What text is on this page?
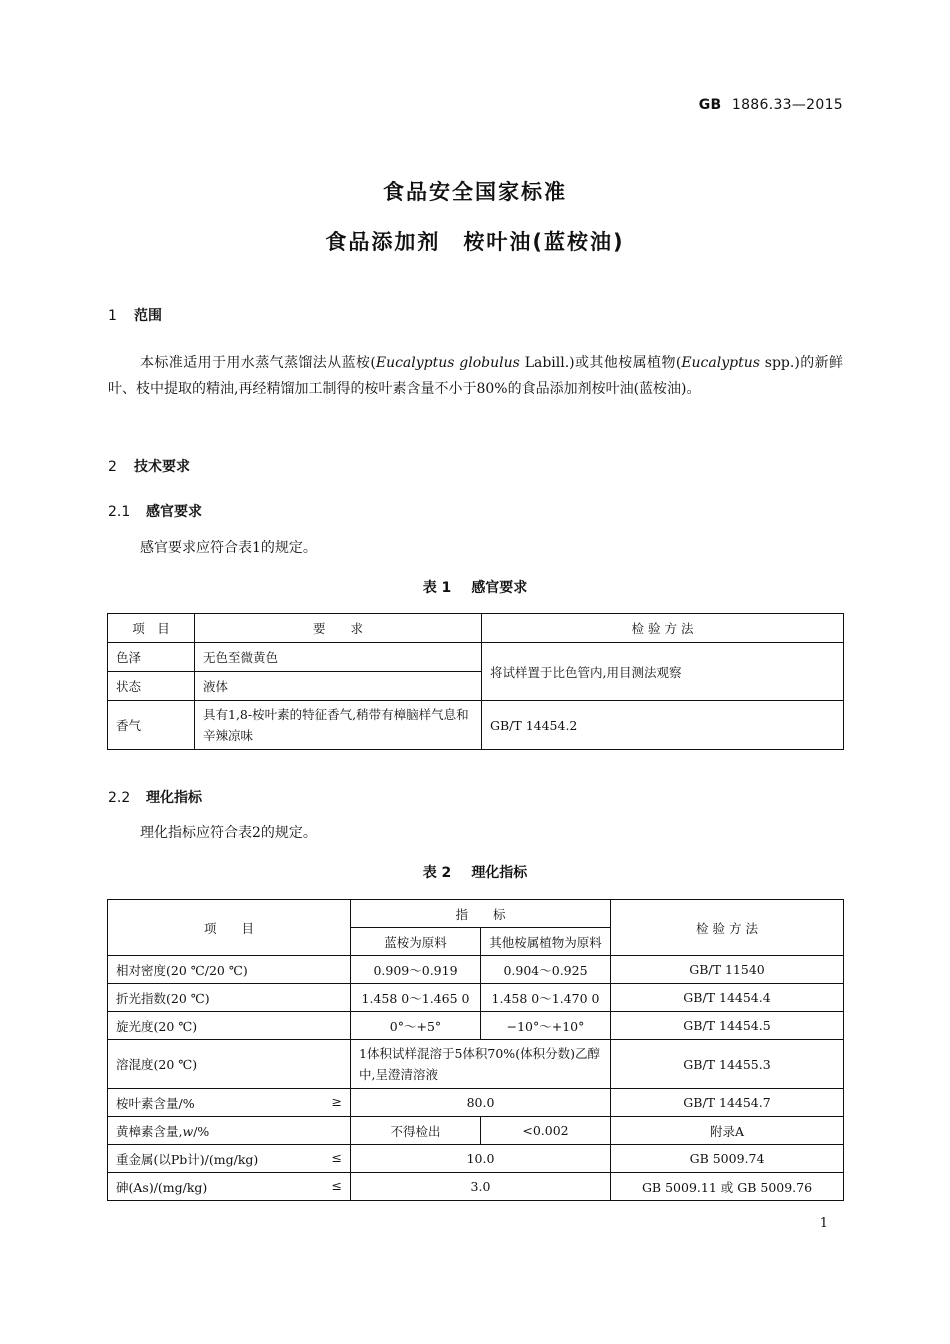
GB 1886.33—2015
食品安全国家标准
食品添加剂　桉叶油(蓝桉油)
1 范围
本标准适用于用水蒸气蒸馏法从蓝桉(Eucalyptus globulus Labill.)或其他桉属植物(Eucalyptus spp.)的新鲜叶、枝中提取的精油,再经精馏加工制得的桉叶素含量不小于80%的食品添加剂桉叶油(蓝桉油)。
2 技术要求
2.1 感官要求
感官要求应符合表1的规定。
表 1 感官要求
项　目	要　　求	检 验 方 法
色泽	无色至微黄色	将试样置于比色管内,用目测法观察
状态	液体	
香气	具有1,8-桉叶素的特征香气,稍带有樟脑样气息和辛辣凉味	GB/T 14454.2
2.2 理化指标
理化指标应符合表2的规定。
表 2 理化指标
项　　目	指　　标		检 验 方 法
	蓝桉为原料	其他桉属植物为原料	
相对密度(20 ℃/20 ℃)	0.909～0.919	0.904～0.925	GB/T 11540
折光指数(20 ℃)	1.458 0～1.465 0	1.458 0～1.470 0	GB/T 14454.4
旋光度(20 ℃)	0°～+5°	−10°～+10°	GB/T 14454.5
溶混度(20 ℃)	1体积试样混溶于5体积70%(体积分数)乙醇中,呈澄清溶液		GB/T 14455.3
桉叶素含量/% ≥	80.0		GB/T 14454.7
黄樟素含量,w/%	不得检出	<0.002	附录A
重金属(以Pb计)/(mg/kg) ≤	10.0		GB 5009.74
砷(As)/(mg/kg) ≤	3.0		GB 5009.11 或 GB 5009.76
1
